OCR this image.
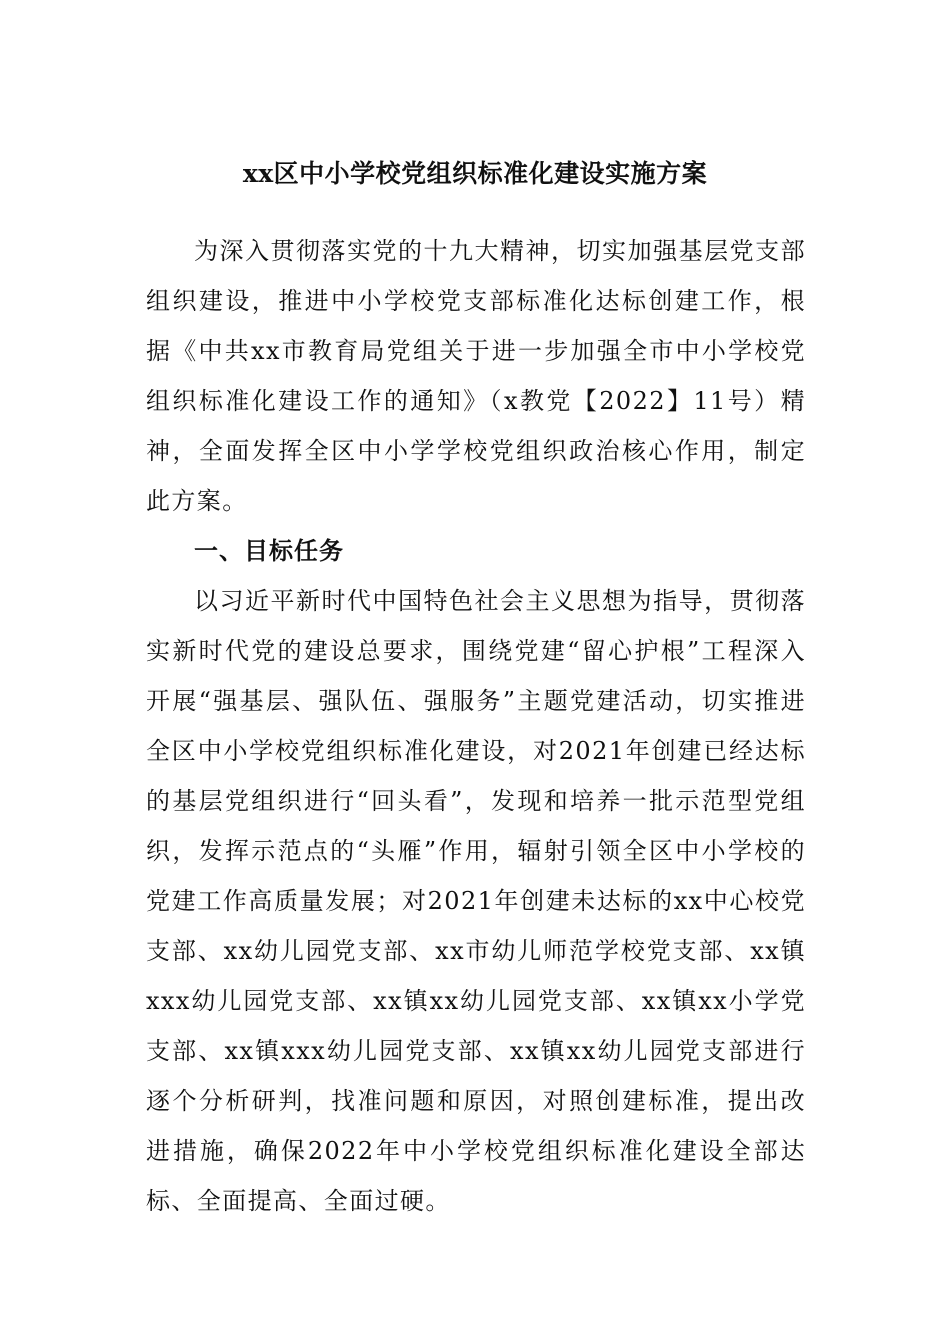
xx区中小学校党组织标准化建设实施方案
为深入贯彻落实党的十九大精神，切实加强基层党支部组织建设，推进中小学校党支部标准化达标创建工作，根据《中共xx市教育局党组关于进一步加强全市中小学校党组织标准化建设工作的通知》（x教党【2022】11号）精神，全面发挥全区中小学学校党组织政治核心作用，制定此方案。
一、目标任务
以习近平新时代中国特色社会主义思想为指导，贯彻落实新时代党的建设总要求，围绕党建“留心护根”工程深入开展“强基层、强队伍、强服务”主题党建活动，切实推进全区中小学校党组织标准化建设，对2021年创建已经达标的基层党组织进行“回头看”，发现和培养一批示范型党组织，发挥示范点的“头雁”作用，辐射引领全区中小学校的党建工作高质量发展；对2021年创建未达标的xx中心校党支部、xx幼儿园党支部、xx市幼儿师范学校党支部、xx镇xxx幼儿园党支部、xx镇xx幼儿园党支部、xx镇xx小学党支部、xx镇xxx幼儿园党支部、xx镇xx幼儿园党支部进行逐个分析研判，找准问题和原因，对照创建标准，提出改进措施，确保2022年中小学校党组织标准化建设全部达标、全面提高、全面过硬。
